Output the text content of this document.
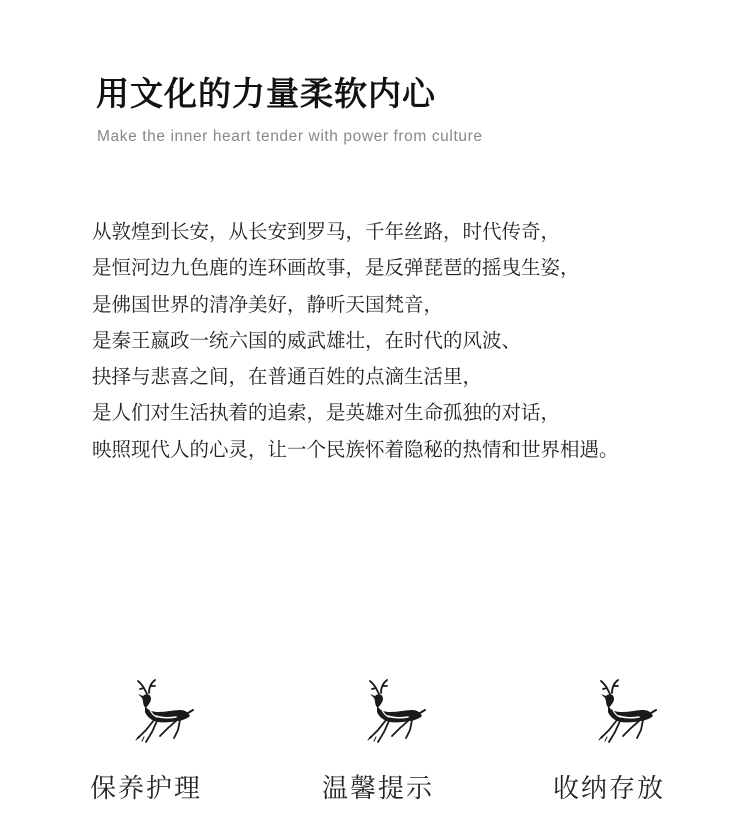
用文化的力量柔软内心
Make the inner heart tender with power from culture
从敦煌到长安，从长安到罗马，千年丝路，时代传奇，
是恒河边九色鹿的连环画故事，是反弹琵琶的摇曳生姿，
是佛国世界的清净美好，静听天国梵音，
是秦王嬴政一统六国的威武雄壮，在时代的风波、
抉择与悲喜之间，在普通百姓的点滴生活里，
是人们对生活执着的追索，是英雄对生命孤独的对话，
映照现代人的心灵，让一个民族怀着隐秘的热情和世界相遇。
保养护理	温馨提示	收纳存放
